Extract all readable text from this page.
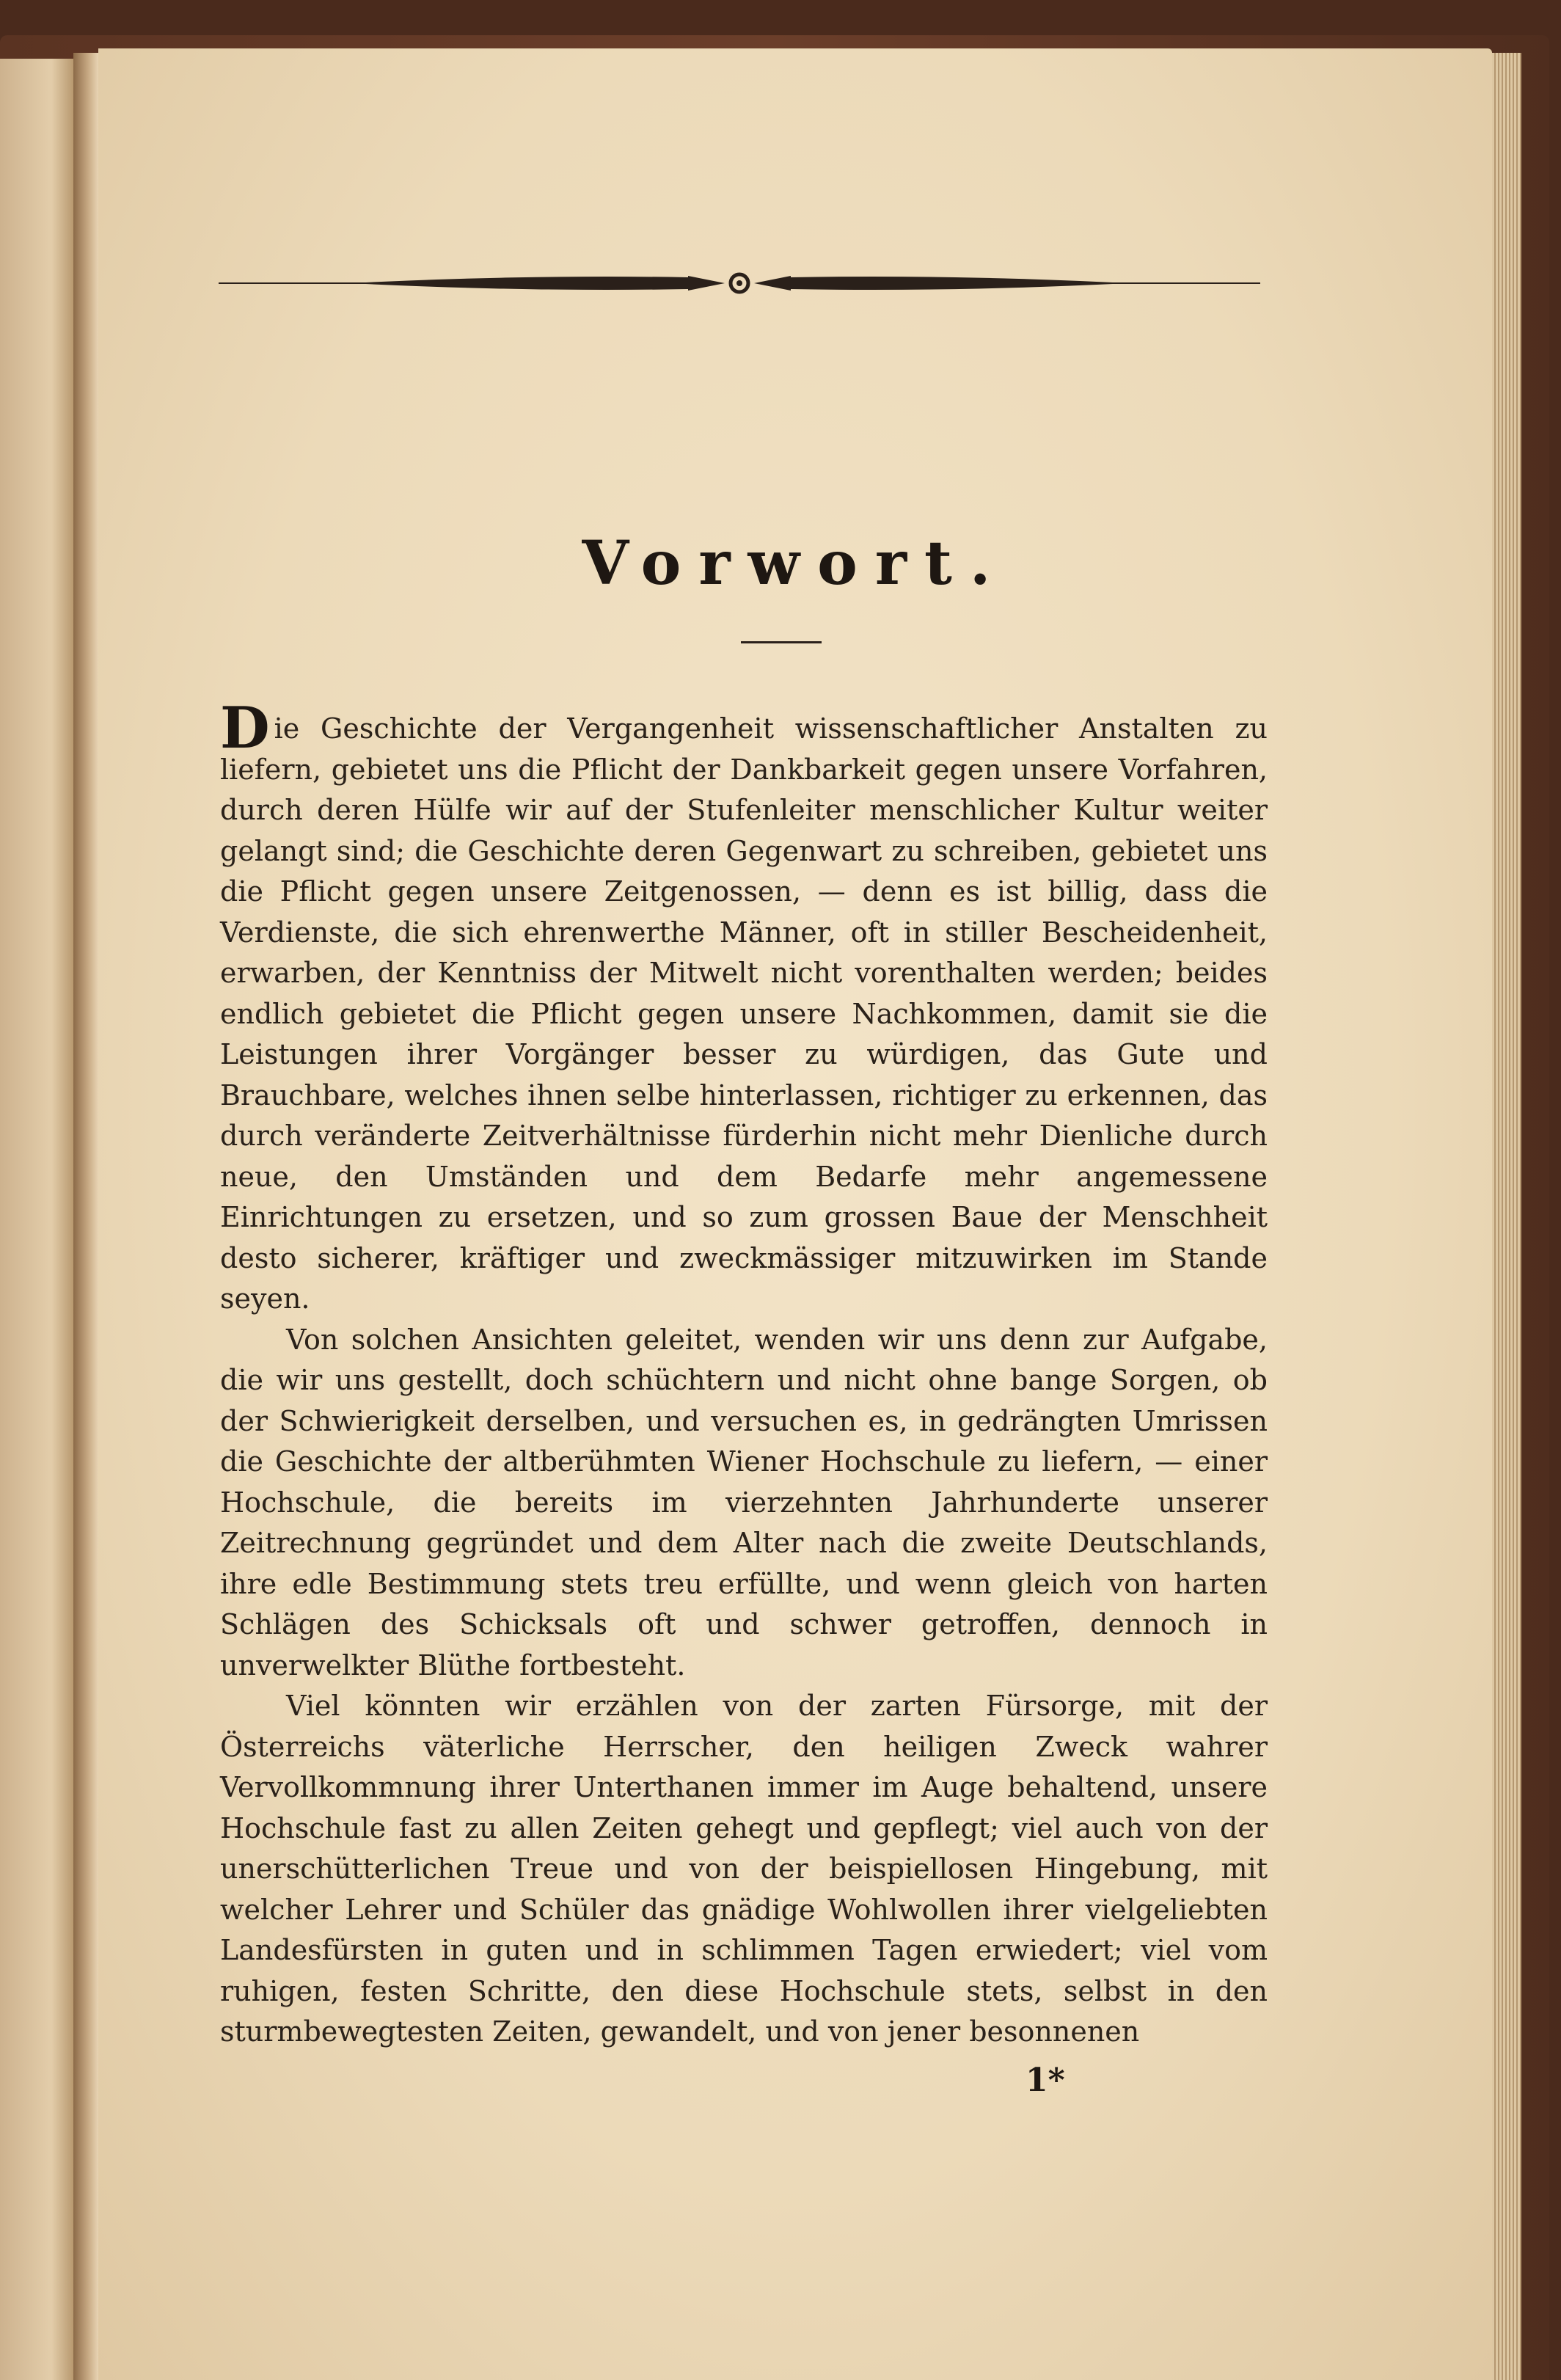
Vorwort.

Die Geschichte der Vergangenheit wissenschaftlicher Anstalten zu liefern, gebietet uns die Pflicht der Dankbarkeit gegen unsere Vorfahren, durch deren Hülfe wir auf der Stufenleiter menschlicher Kultur weiter gelangt sind; die Geschichte deren Gegenwart zu schreiben, gebietet uns die Pflicht gegen unsere Zeitgenossen, — denn es ist billig, dass die Verdienste, die sich ehrenwerthe Männer, oft in stiller Bescheidenheit, erwarben, der Kenntniss der Mitwelt nicht vorenthalten werden; beides endlich gebietet die Pflicht gegen unsere Nachkommen, damit sie die Leistungen ihrer Vorgänger besser zu würdigen, das Gute und Brauchbare, welches ihnen selbe hinterlassen, richtiger zu erkennen, das durch veränderte Zeitverhältnisse fürderhin nicht mehr Dienliche durch neue, den Umständen und dem Bedarfe mehr angemessene Einrichtungen zu ersetzen, und so zum grossen Baue der Menschheit desto sicherer, kräftiger und zweckmässiger mitzuwirken im Stande seyen.

Von solchen Ansichten geleitet, wenden wir uns denn zur Aufgabe, die wir uns gestellt, doch schüchtern und nicht ohne bange Sorgen, ob der Schwierigkeit derselben, und versuchen es, in gedrängten Umrissen die Geschichte der altberühmten Wiener Hochschule zu liefern, — einer Hochschule, die bereits im vierzehnten Jahrhunderte unserer Zeitrechnung gegründet und dem Alter nach die zweite Deutschlands, ihre edle Bestimmung stets treu erfüllte, und wenn gleich von harten Schlägen des Schicksals oft und schwer getroffen, dennoch in unverwelkter Blüthe fortbesteht.

Viel könnten wir erzählen von der zarten Fürsorge, mit der Österreichs väterliche Herrscher, den heiligen Zweck wahrer Vervollkommnung ihrer Unterthanen immer im Auge behaltend, unsere Hochschule fast zu allen Zeiten gehegt und gepflegt; viel auch von der unerschütterlichen Treue und von der beispiellosen Hingebung, mit welcher Lehrer und Schüler das gnädige Wohlwollen ihrer vielgeliebten Landesfürsten in guten und in schlimmen Tagen erwiedert; viel vom ruhigen, festen Schritte, den diese Hochschule stets, selbst in den sturmbewegtesten Zeiten, gewandelt, und von jener besonnenen

1*
